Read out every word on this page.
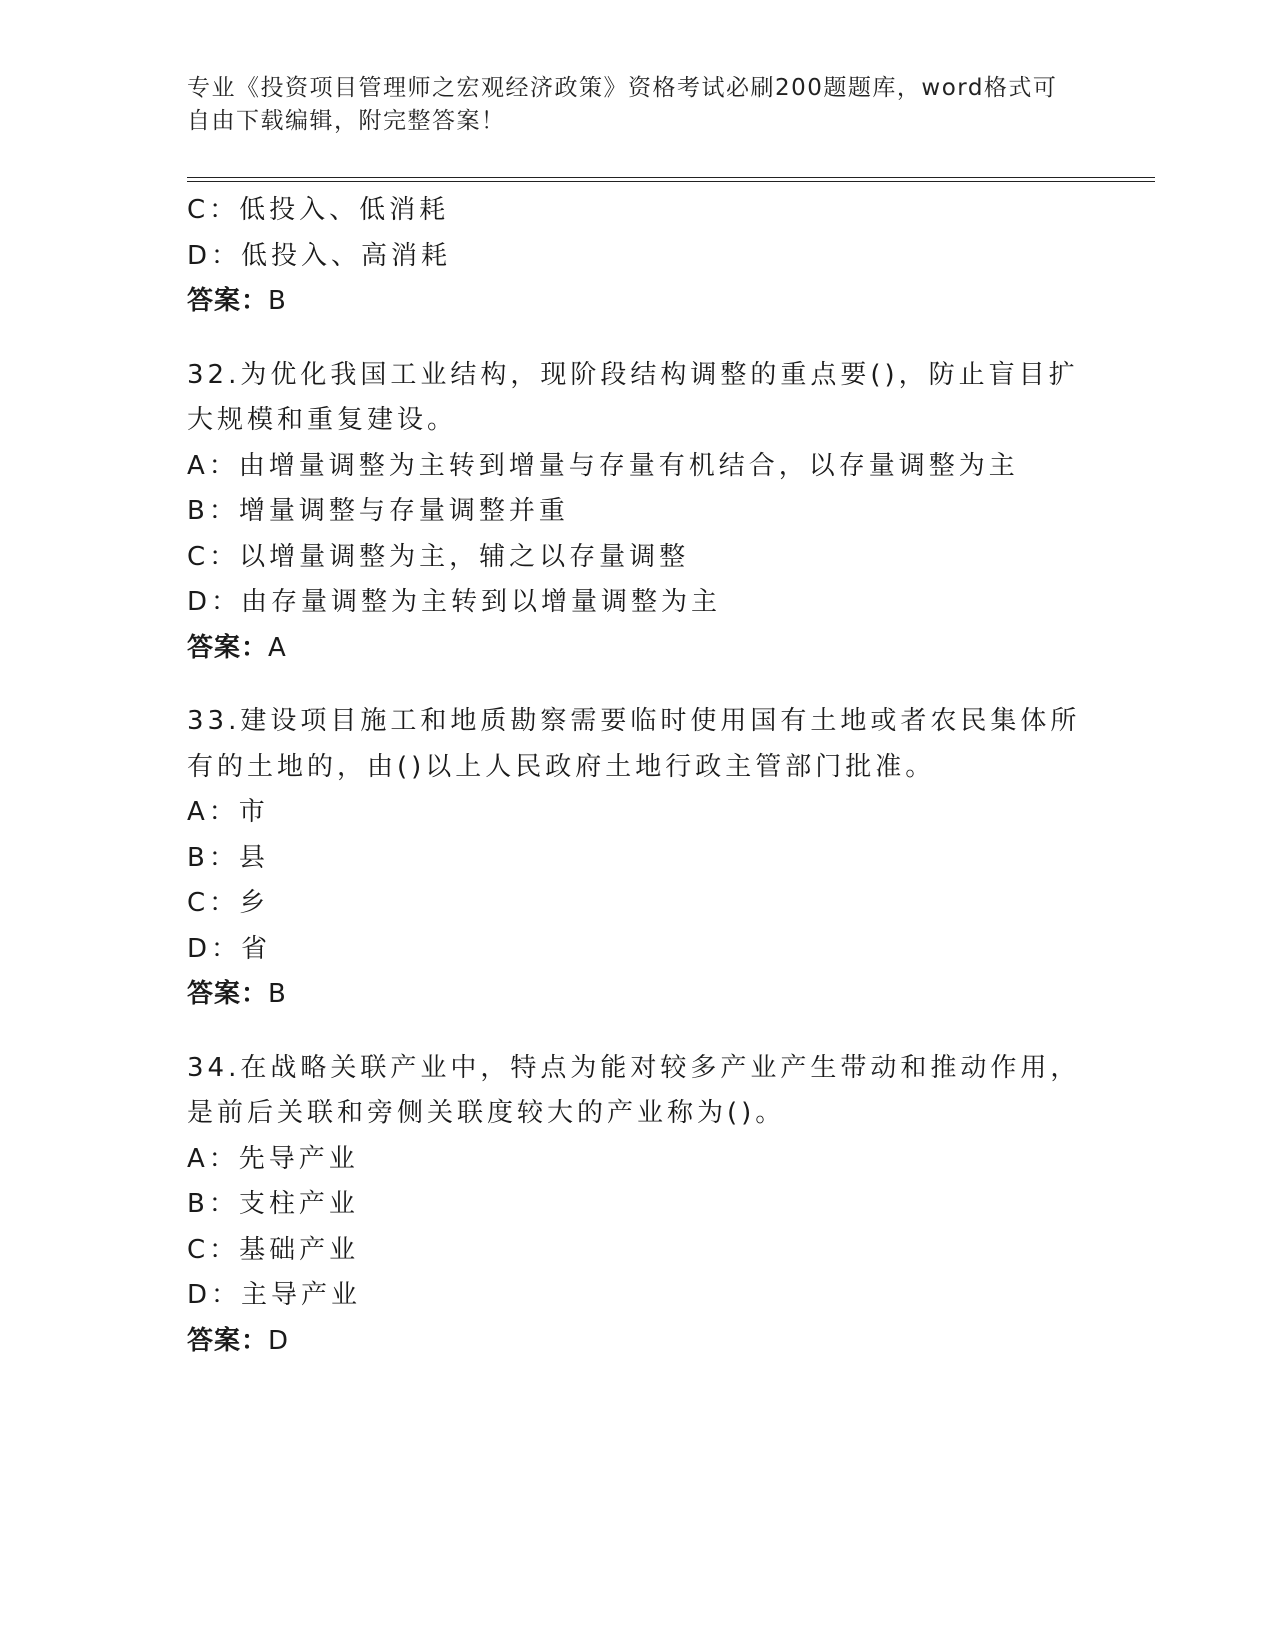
专业《投资项目管理师之宏观经济政策》资格考试必刷200题题库，word格式可自由下载编辑，附完整答案！
C：低投入、低消耗
D：低投入、高消耗
答案：B
32.为优化我国工业结构，现阶段结构调整的重点要()，防止盲目扩大规模和重复建设。
A：由增量调整为主转到增量与存量有机结合，以存量调整为主
B：增量调整与存量调整并重
C：以增量调整为主，辅之以存量调整
D：由存量调整为主转到以增量调整为主
答案：A
33.建设项目施工和地质勘察需要临时使用国有土地或者农民集体所有的土地的，由()以上人民政府土地行政主管部门批准。
A：市
B：县
C：乡
D：省
答案：B
34.在战略关联产业中，特点为能对较多产业产生带动和推动作用，是前后关联和旁侧关联度较大的产业称为()。
A：先导产业
B：支柱产业
C：基础产业
D：主导产业
答案：D
